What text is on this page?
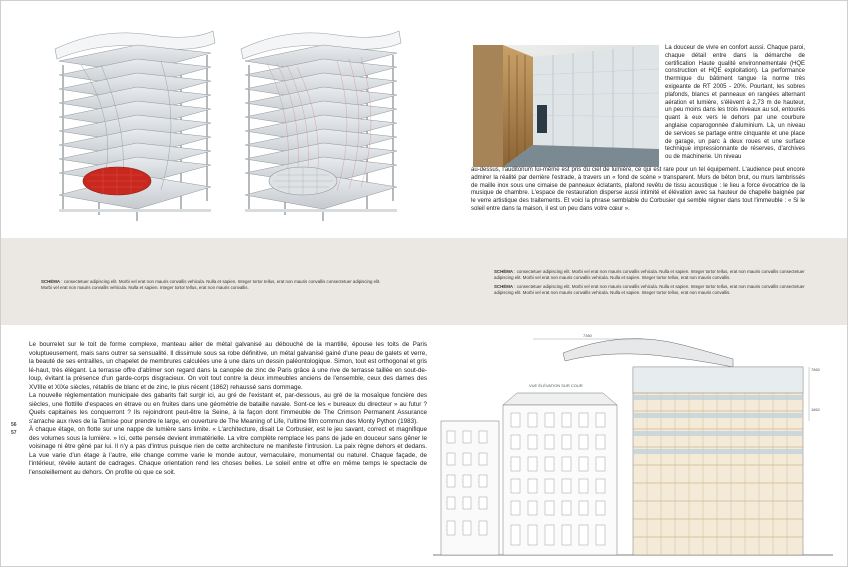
La douceur de vivre en confort aussi. Chaque paroi, chaque détail entre dans la démarche de certification Haute qualité environnementale (HQE construction et HQE exploitation). La performance thermique du bâtiment tangue la norme très exigeante de RT 2005 - 20%. Pourtant, les sobres plafonds, blancs et panneaux en rangées alternant aération et lumière, s'élèvent à 2,73 m de hauteur, un peu moins dans les trois niveaux au sol, entourés quant à eux vers le dehors par une courbure anglaise coparogonnée d'aluminium. Là, un niveau de services se partage entre cinquante et une place de garage, un parc à deux roues et une surface technique impressionnante de réserves, d'archives ou de machinerie. Un niveau

au-dessus, l'auditorium lui-même est pris du ciel de lumière, ce qui est rare pour un tel équipement. L'audience peut encore admirer la réalité par derrière l'estrade, à travers un « fond de scène » transparent. Murs de béton brut, ou murs lambrissés de maille inox sous une cimaise de panneaux éclatants, plafond revêtu de tissu acoustique : le lieu a force évocatrice de la musique de chambre. L'espace de restauration disperse aussi intimité et élévation avec sa hauteur de chapelle baignée par le verre artistique des traitements. Et voici la phrase semblable du Corbusier qui semble régner dans tout l'immeuble : « Si le soleil entre dans la maison, il est un peu dans votre cœur ».

SCHÉMA : consectetuer adipiscing elit. Morbi vel erat non mauris convallis vehicula. Nulla et sapien. Integer tortor tellus, erat non mauris convallis consectetuer adipiscing elit. Morbi vel erat non mauris convallis vehicula. Nulla et sapien. Integer tortor tellus, erat non mauris convallis.
SCHÉMA : consectetuer adipiscing elit. Morbi vel erat non mauris convallis vehicula. Nulla et sapien. Integer tortor tellus, erat non mauris convallis consectetuer adipiscing elit. Morbi vel erat non mauris convallis vehicula. Nulla et sapien. Integer tortor tellus, erat non mauris convallis.
SCHÉMA : consectetuer adipiscing elit. Morbi vel erat non mauris convallis vehicula. Nulla et sapien. Integer tortor tellus, erat non mauris convallis consectetuer adipiscing elit. Morbi vel erat non mauris convallis vehicula. Nulla et sapien. Integer tortor tellus, erat non mauris convallis.
56
57

Le bourrelet sur le toit de forme complexe, manteau ailier de métal galvanisé au débouché de la mantille, épouse les toits de Paris voluptueusement, mais sans outrer sa sensualité. Il dissimule sous sa robe définitive, un métal galvanisé gainé d'une peau de galets et verre, la beauté de ses entrailles, un chapelet de membrures calculées une à une dans un dessin paléontologique. Simon, tout est orthogonal et gris lé-haut, très élégant. La terrasse offre d'abîmer son regard dans la canopée de zinc de Paris grâce à une rive de terrasse taillée en sout-de-loup, évitant la présence d'un garde-corps disgracieux. On voit tout contre la deux immeubles anciens de l'ensemble, ceux des dames des XVIIIe et XIXe siècles, rétablis de blanc et de zinc, le plus récent (1862) rehaussé sans dommage.

La nouvelle réglementation municipale des gabarits fait surgir ici, au gré de l'existant et, par-dessous, au gré de la mosaïque foncière des siècles, une flottille d'espaces en étrave ou en fruites dans une géométrie de bataille navale. Sont-ce les « bureaux du directeur » au futur ? Quels capitaines les conquerront ? Ils rejoindront peut-être la Seine, à la façon dont l'immeuble de The Crimson Permanent Assurance s'arrache aux rives de la Tamise pour prendre le large, en ouverture de The Meaning of Life, l'ultime film commun des Monty Python (1983).

À chaque étage, on flotte sur une nappe de lumière sans limite. « L'architecture, disait Le Corbusier, est le jeu savant, correct et magnifique des volumes sous la lumière. » Ici, cette pensée devient immatérielle. La vitre complète remplace les pans de jade en douceur sans gêner le voisinage ni être gêné par lui. Il n'y a pas d'intrus puisque rien de cette architecture ne manifeste l'intrusion. La paix règne dehors et dedans. La vue varie d'un étage à l'autre, elle change comme varie le monde autour, vernaculaire, monumental ou naturel. Chaque façade, de l'intérieur, révèle autant de cadrages. Chaque orientation rend les choses belles. Le soleil entre et offre en même temps le spectacle de l'ensoleillement au dehors. On profite où que ce soit.

7360
7860
1862
VUE ÉLÉVATION SUR COUR
